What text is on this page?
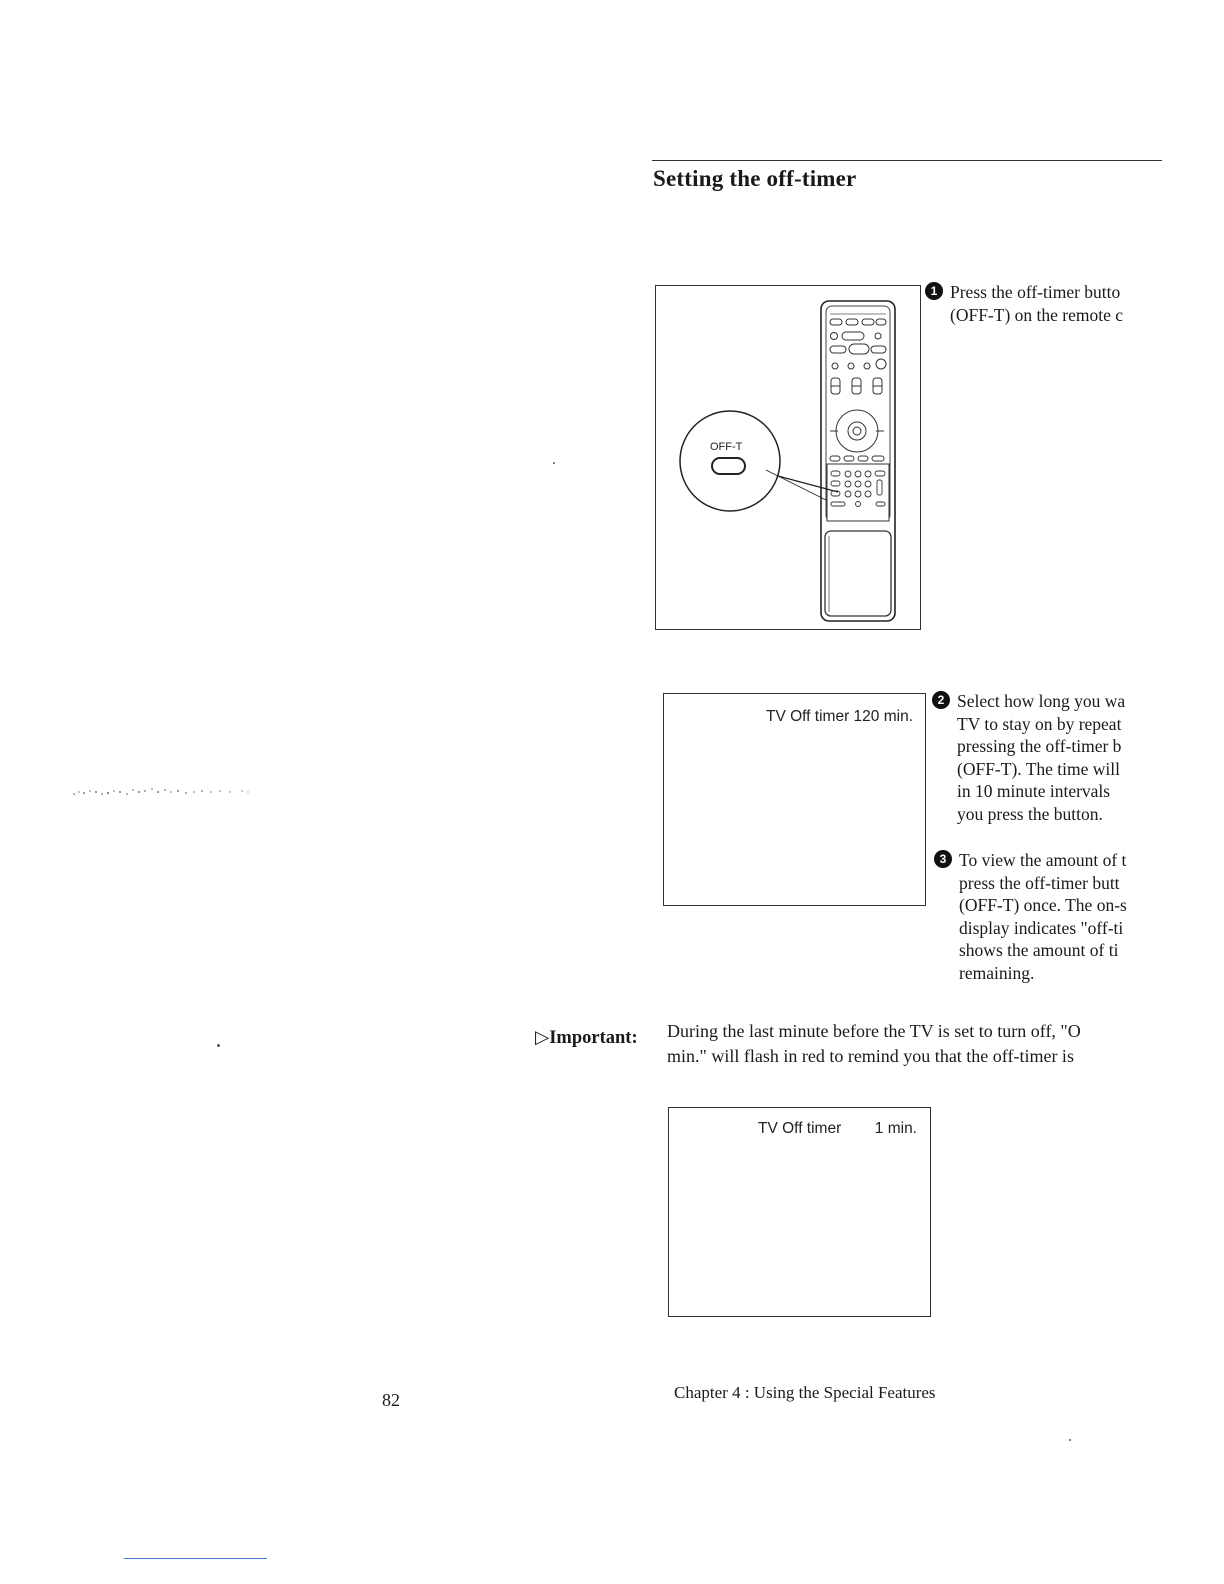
Setting the off-timer
OFF-T
1 Press the off-timer butto
(OFF-T) on the remote c
TV Off timer 120 min.
2 Select how long you wa
TV to stay on by repeat
pressing the off-timer b
(OFF-T). The time will
in 10 minute intervals
you press the button.
3 To view the amount of t
press the off-timer butt
(OFF-T) once. The on-s
display indicates "off-ti
shows the amount of ti
remaining.
▷Important: During the last minute before the TV is set to turn off, "O
min." will flash in red to remind you that the off-timer is
TV Off timer 1 min.
82	Chapter 4 : Using the Special Features
